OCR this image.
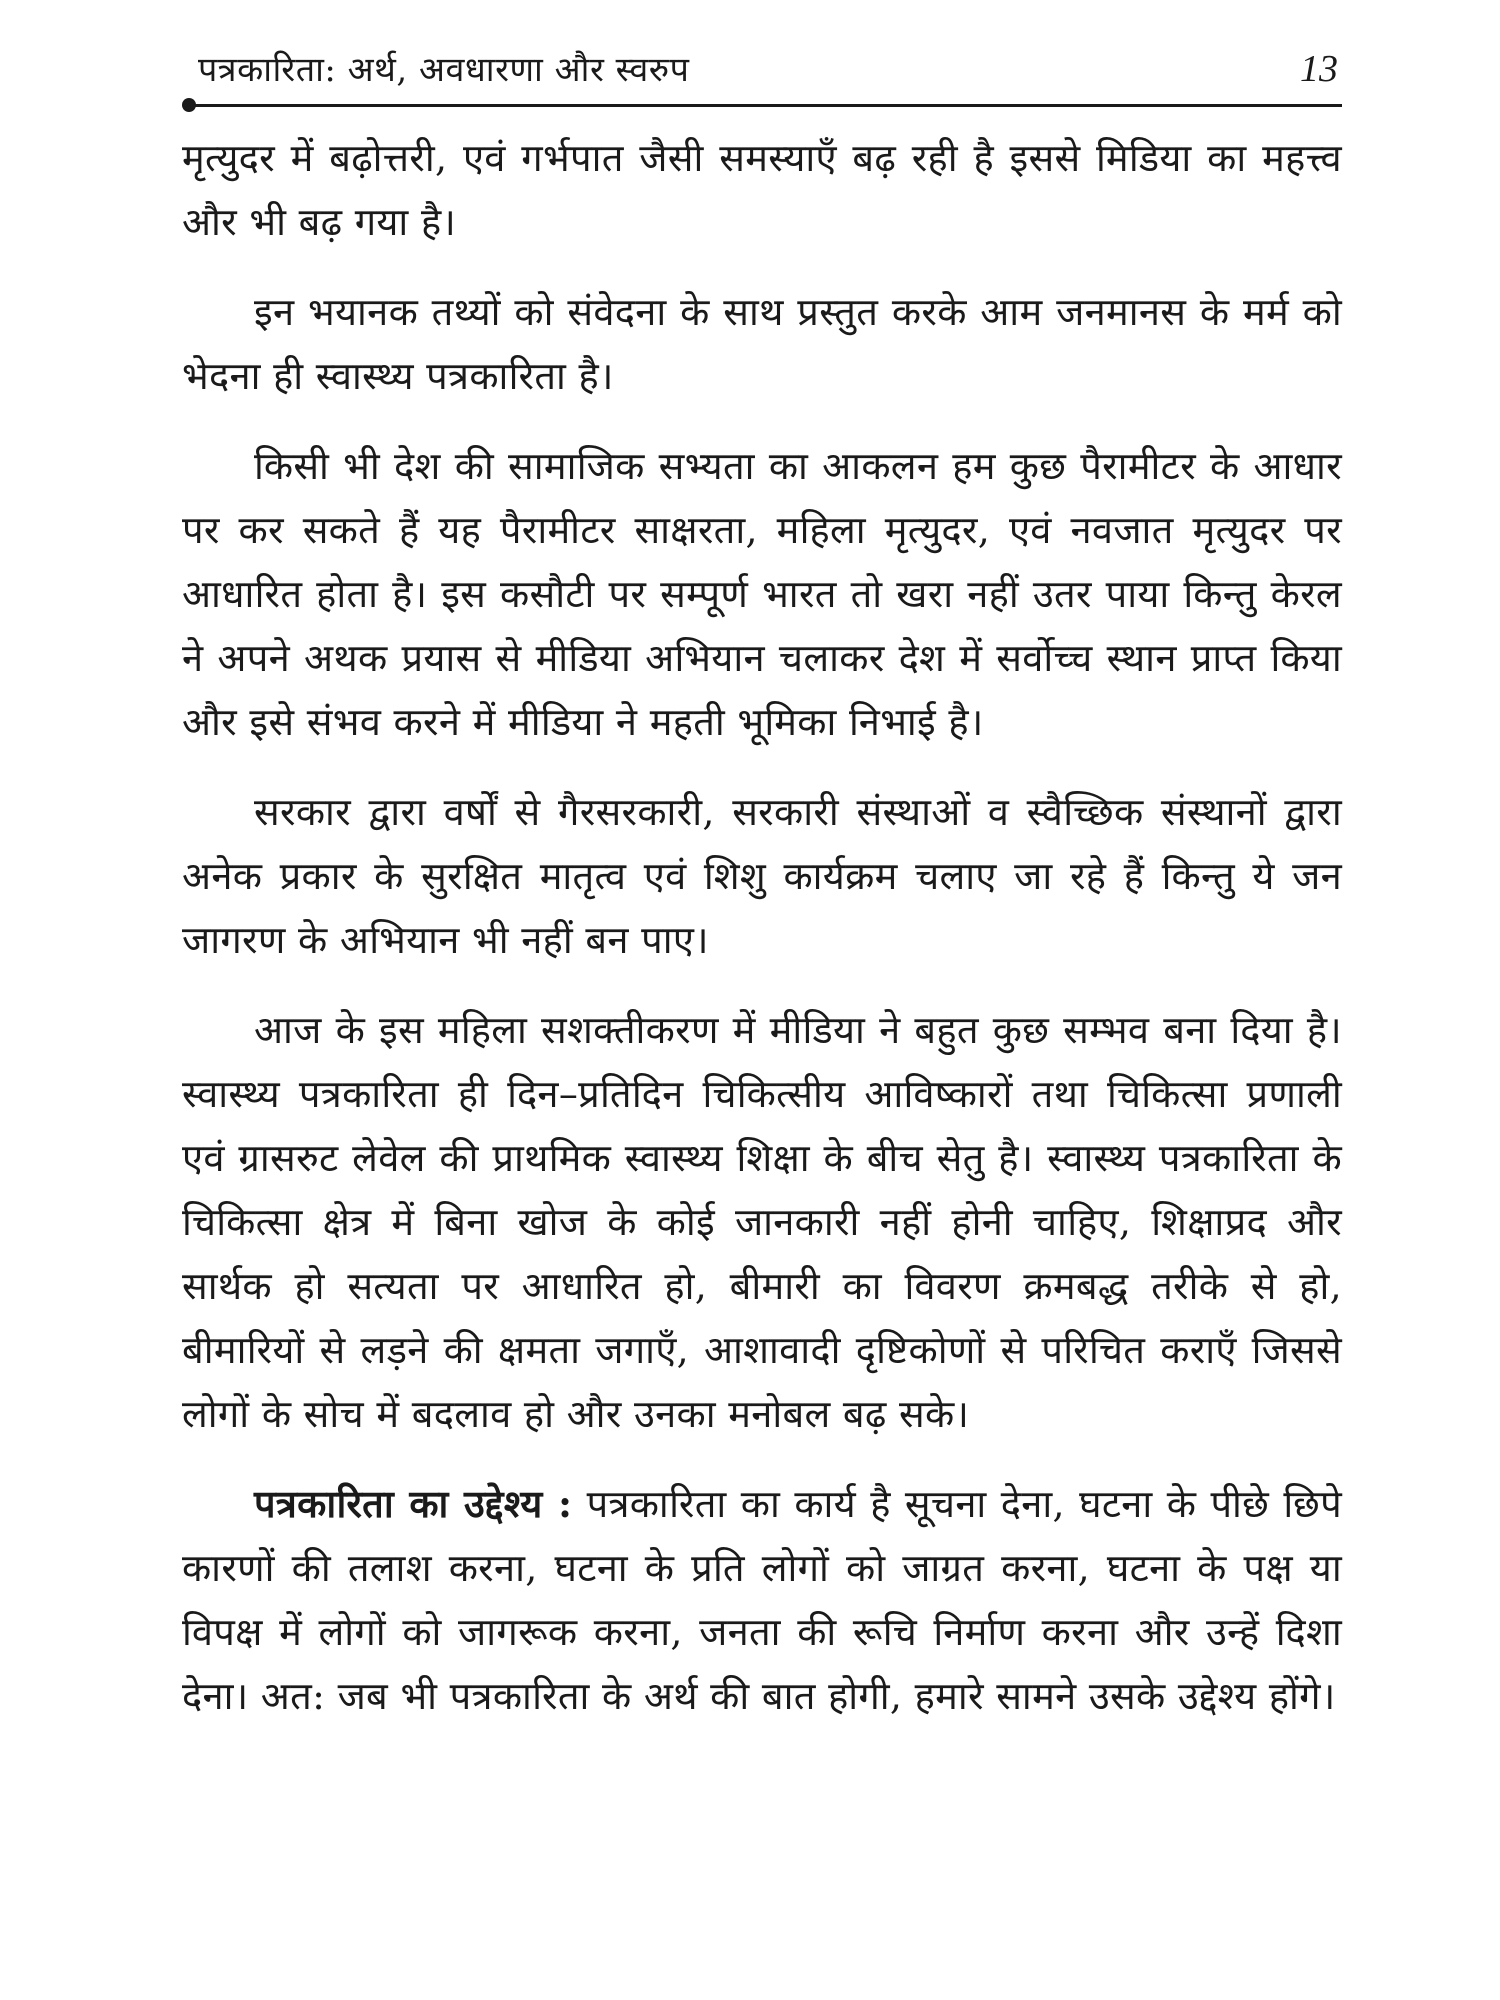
पत्रकारिता: अर्थ, अवधारणा और स्वरुप	13

मृत्युदर में बढ़ोत्तरी, एवं गर्भपात जैसी समस्याएँ बढ़ रही है इससे मिडिया का महत्त्व और भी बढ़ गया है।

इन भयानक तथ्यों को संवेदना के साथ प्रस्तुत करके आम जनमानस के मर्म को भेदना ही स्वास्थ्य पत्रकारिता है।

किसी भी देश की सामाजिक सभ्यता का आकलन हम कुछ पैरामीटर के आधार पर कर सकते हैं यह पैरामीटर साक्षरता, महिला मृत्युदर, एवं नवजात मृत्युदर पर आधारित होता है। इस कसौटी पर सम्पूर्ण भारत तो खरा नहीं उतर पाया किन्तु केरल ने अपने अथक प्रयास से मीडिया अभियान चलाकर देश में सर्वोच्च स्थान प्राप्त किया और इसे संभव करने में मीडिया ने महती भूमिका निभाई है।

सरकार द्वारा वर्षों से गैरसरकारी, सरकारी संस्थाओं व स्वैच्छिक संस्थानों द्वारा अनेक प्रकार के सुरक्षित मातृत्व एवं शिशु कार्यक्रम चलाए जा रहे हैं किन्तु ये जन जागरण के अभियान भी नहीं बन पाए।

आज के इस महिला सशक्तीकरण में मीडिया ने बहुत कुछ सम्भव बना दिया है। स्वास्थ्य पत्रकारिता ही दिन–प्रतिदिन चिकित्सीय आविष्कारों तथा चिकित्सा प्रणाली एवं ग्रासरुट लेवेल की प्राथमिक स्वास्थ्य शिक्षा के बीच सेतु है। स्वास्थ्य पत्रकारिता के चिकित्सा क्षेत्र में बिना खोज के कोई जानकारी नहीं होनी चाहिए, शिक्षाप्रद और सार्थक हो सत्यता पर आधारित हो, बीमारी का विवरण क्रमबद्ध तरीके से हो, बीमारियों से लड़ने की क्षमता जगाएँ, आशावादी दृष्टिकोणों से परिचित कराएँ जिससे लोगों के सोच में बदलाव हो और उनका मनोबल बढ़ सके।

पत्रकारिता का उद्देश्य : पत्रकारिता का कार्य है सूचना देना, घटना के पीछे छिपे कारणों की तलाश करना, घटना के प्रति लोगों को जाग्रत करना, घटना के पक्ष या विपक्ष में लोगों को जागरूक करना, जनता की रूचि निर्माण करना और उन्हें दिशा देना। अत: जब भी पत्रकारिता के अर्थ की बात होगी, हमारे सामने उसके उद्देश्य होंगे।
